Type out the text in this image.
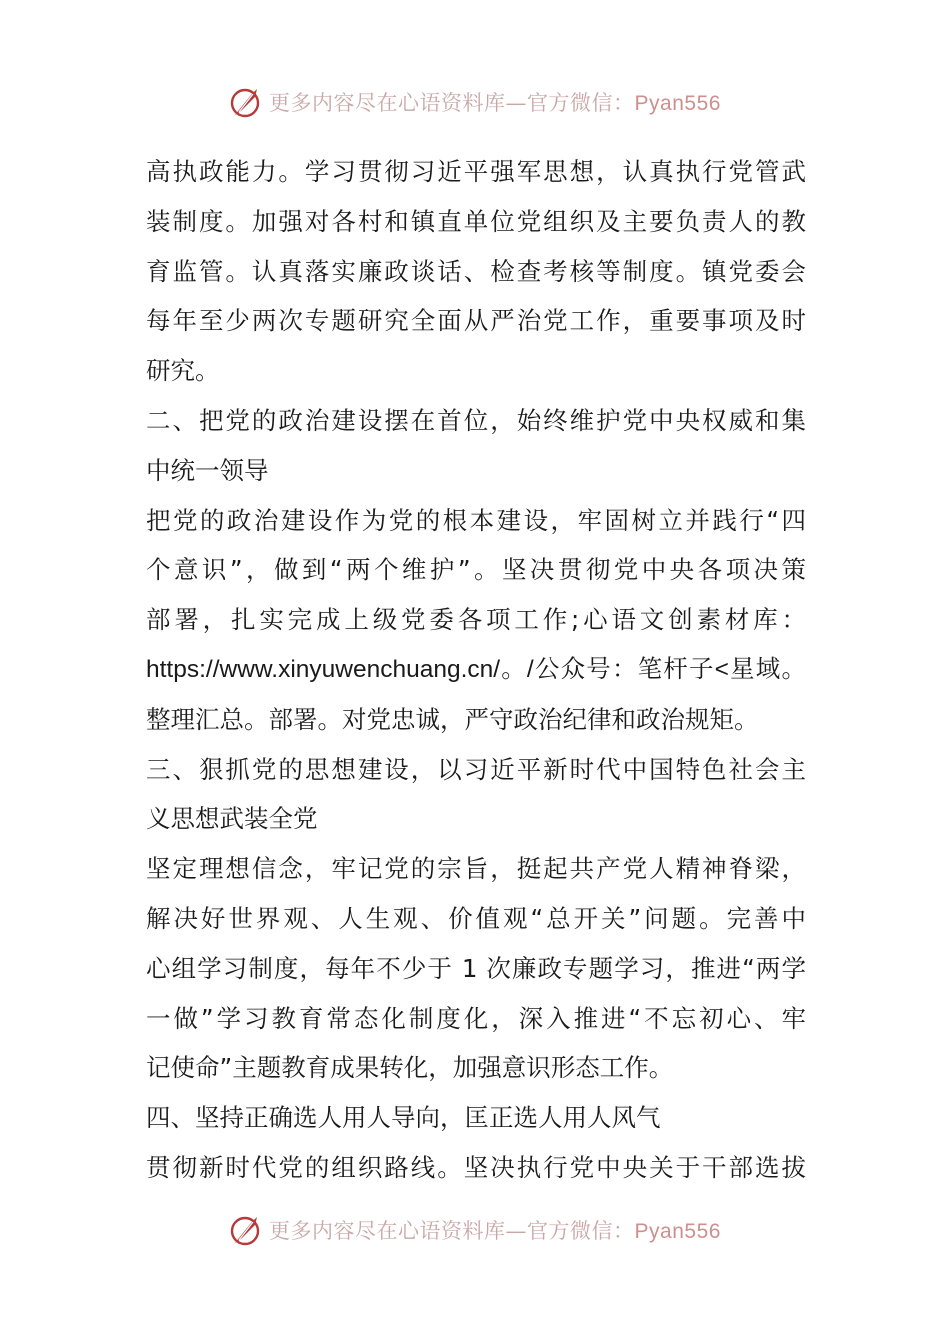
更多内容尽在心语资料库—官方微信：Pyan556
高执政能力。学习贯彻习近平强军思想，认真执行党管武
装制度。加强对各村和镇直单位党组织及主要负责人的教
育监管。认真落实廉政谈话、检查考核等制度。镇党委会
每年至少两次专题研究全面从严治党工作，重要事项及时
研究。
二、把党的政治建设摆在首位，始终维护党中央权威和集
中统一领导
把党的政治建设作为党的根本建设，牢固树立并践行“四
个意识”，做到“两个维护”。坚决贯彻党中央各项决策
部署，扎实完成上级党委各项工作;心语文创素材库：
https://www.xinyuwenchuang.cn/。/公众号：笔杆子<星域。
整理汇总。部署。对党忠诚，严守政治纪律和政治规矩。
三、狠抓党的思想建设，以习近平新时代中国特色社会主
义思想武装全党
坚定理想信念，牢记党的宗旨，挺起共产党人精神脊梁，
解决好世界观、人生观、价值观“总开关”问题。完善中
心组学习制度，每年不少于 1 次廉政专题学习，推进“两学
一做”学习教育常态化制度化，深入推进“不忘初心、牢
记使命”主题教育成果转化，加强意识形态工作。
四、坚持正确选人用人导向，匡正选人用人风气
贯彻新时代党的组织路线。坚决执行党中央关于干部选拔
更多内容尽在心语资料库—官方微信：Pyan556
